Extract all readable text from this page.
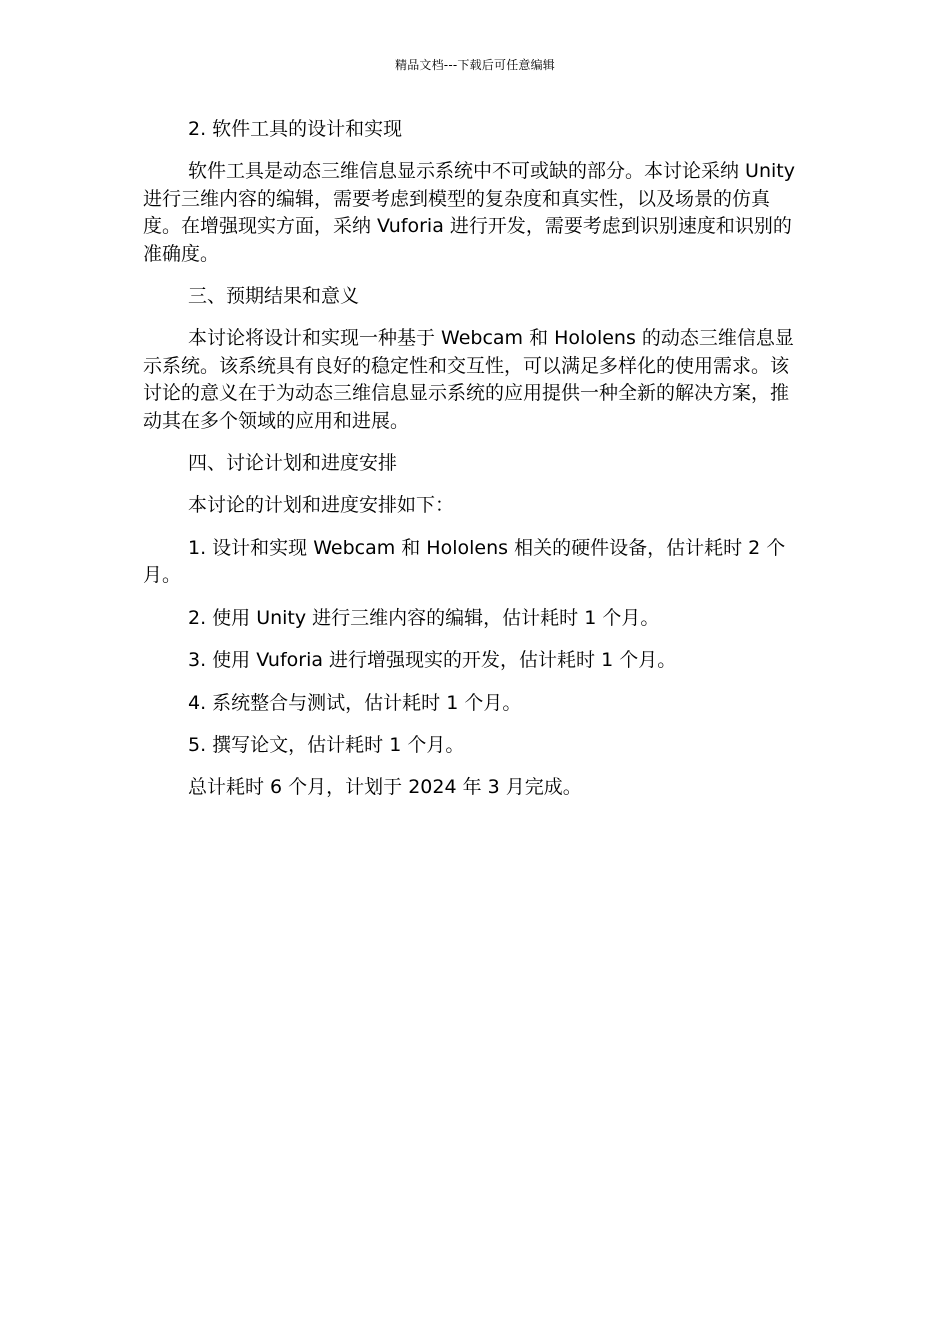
精品文档---下载后可任意编辑

2. 软件工具的设计和实现

软件工具是动态三维信息显示系统中不可或缺的部分。本讨论采纳 Unity 进行三维内容的编辑，需要考虑到模型的复杂度和真实性，以及场景的仿真度。在增强现实方面，采纳 Vuforia 进行开发，需要考虑到识别速度和识别的准确度。

三、预期结果和意义

本讨论将设计和实现一种基于 Webcam 和 Hololens 的动态三维信息显示系统。该系统具有良好的稳定性和交互性，可以满足多样化的使用需求。该讨论的意义在于为动态三维信息显示系统的应用提供一种全新的解决方案，推动其在多个领域的应用和进展。

四、讨论计划和进度安排

本讨论的计划和进度安排如下：

1. 设计和实现 Webcam 和 Hololens 相关的硬件设备，估计耗时 2 个月。

2. 使用 Unity 进行三维内容的编辑，估计耗时 1 个月。

3. 使用 Vuforia 进行增强现实的开发，估计耗时 1 个月。

4. 系统整合与测试，估计耗时 1 个月。

5. 撰写论文，估计耗时 1 个月。

总计耗时 6 个月，计划于 2024 年 3 月完成。
